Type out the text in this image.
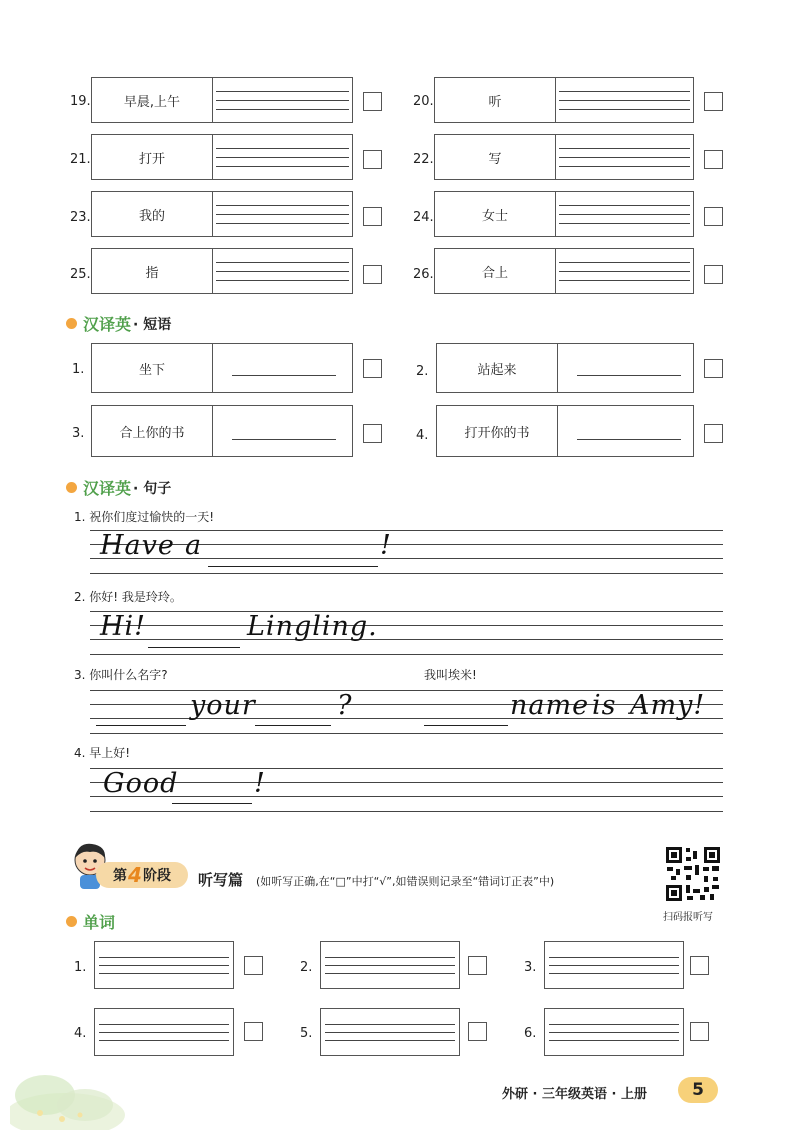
19.	早晨,上午	20.	听
21.	打开	22.	写
23.	我的	24.	女士
25.	指	26.	合上
汉译英 · 短语
1.	坐下	2.	站起来
3.	合上你的书	4.	打开你的书
汉译英 · 句子
1. 祝你们度过愉快的一天!
Have a	!
2. 你好! 我是玲玲。
Hi!	Lingling.
3. 你叫什么名字?	我叫埃米!
your	?	name is Amy!
4. 早上好!
Good	!
第 4 阶段 听写篇 (如听写正确,在“□”中打“√”,如错误则记录至“错词订正表”中)
扫码报听写
单词
1.	2.	3.
4.	5.	6.
外研 · 三年级英语 · 上册	5
